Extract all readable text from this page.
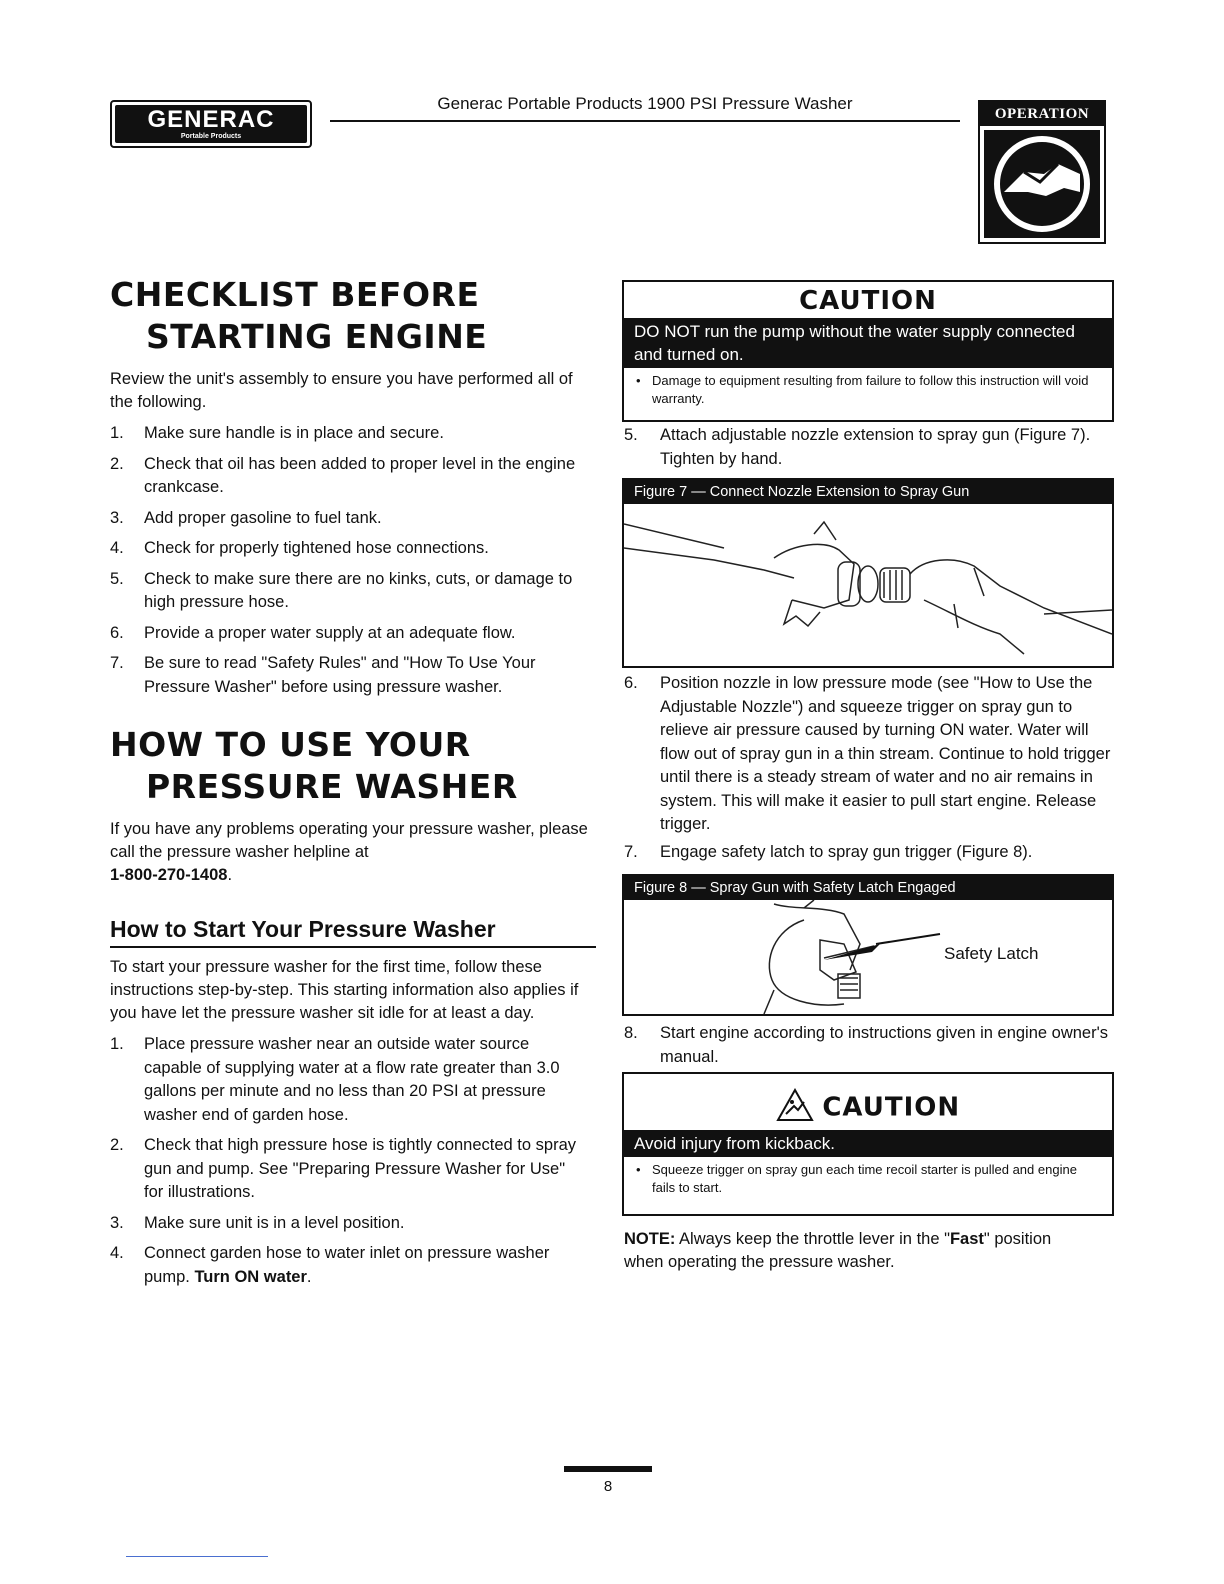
GENERAC
Portable Products
Generac Portable Products 1900 PSI Pressure Washer
OPERATION
CHECKLIST BEFORE
STARTING ENGINE
Review the unit's assembly to ensure you have performed all of the following.
1. Make sure handle is in place and secure.
2. Check that oil has been added to proper level in the engine crankcase.
3. Add proper gasoline to fuel tank.
4. Check for properly tightened hose connections.
5. Check to make sure there are no kinks, cuts, or damage to high pressure hose.
6. Provide a proper water supply at an adequate flow.
7. Be sure to read "Safety Rules" and "How To Use Your Pressure Washer" before using pressure washer.
HOW TO USE YOUR
PRESSURE WASHER
If you have any problems operating your pressure washer, please call the pressure washer helpline at
1-800-270-1408.
How to Start Your Pressure Washer
To start your pressure washer for the first time, follow these instructions step-by-step. This starting information also applies if you have let the pressure washer sit idle for at least a day.
1. Place pressure washer near an outside water source capable of supplying water at a flow rate greater than 3.0 gallons per minute and no less than 20 PSI at pressure washer end of garden hose.
2. Check that high pressure hose is tightly connected to spray gun and pump. See "Preparing Pressure Washer for Use" for illustrations.
3. Make sure unit is in a level position.
4. Connect garden hose to water inlet on pressure washer pump. Turn ON water.
CAUTION
DO NOT run the pump without the water supply connected and turned on.
• Damage to equipment resulting from failure to follow this instruction will void warranty.
5. Attach adjustable nozzle extension to spray gun (Figure 7). Tighten by hand.
Figure 7 — Connect Nozzle Extension to Spray Gun
6. Position nozzle in low pressure mode (see "How to Use the Adjustable Nozzle") and squeeze trigger on spray gun to relieve air pressure caused by turning ON water. Water will flow out of spray gun in a thin stream. Continue to hold trigger until there is a steady stream of water and no air remains in system. This will make it easier to pull start engine. Release trigger.
7. Engage safety latch to spray gun trigger (Figure 8).
Figure 8 — Spray Gun with Safety Latch Engaged
Safety Latch
8. Start engine according to instructions given in engine owner's manual.
CAUTION
Avoid injury from kickback.
• Squeeze trigger on spray gun each time recoil starter is pulled and engine fails to start.
NOTE: Always keep the throttle lever in the "Fast" position when operating the pressure washer.
8
